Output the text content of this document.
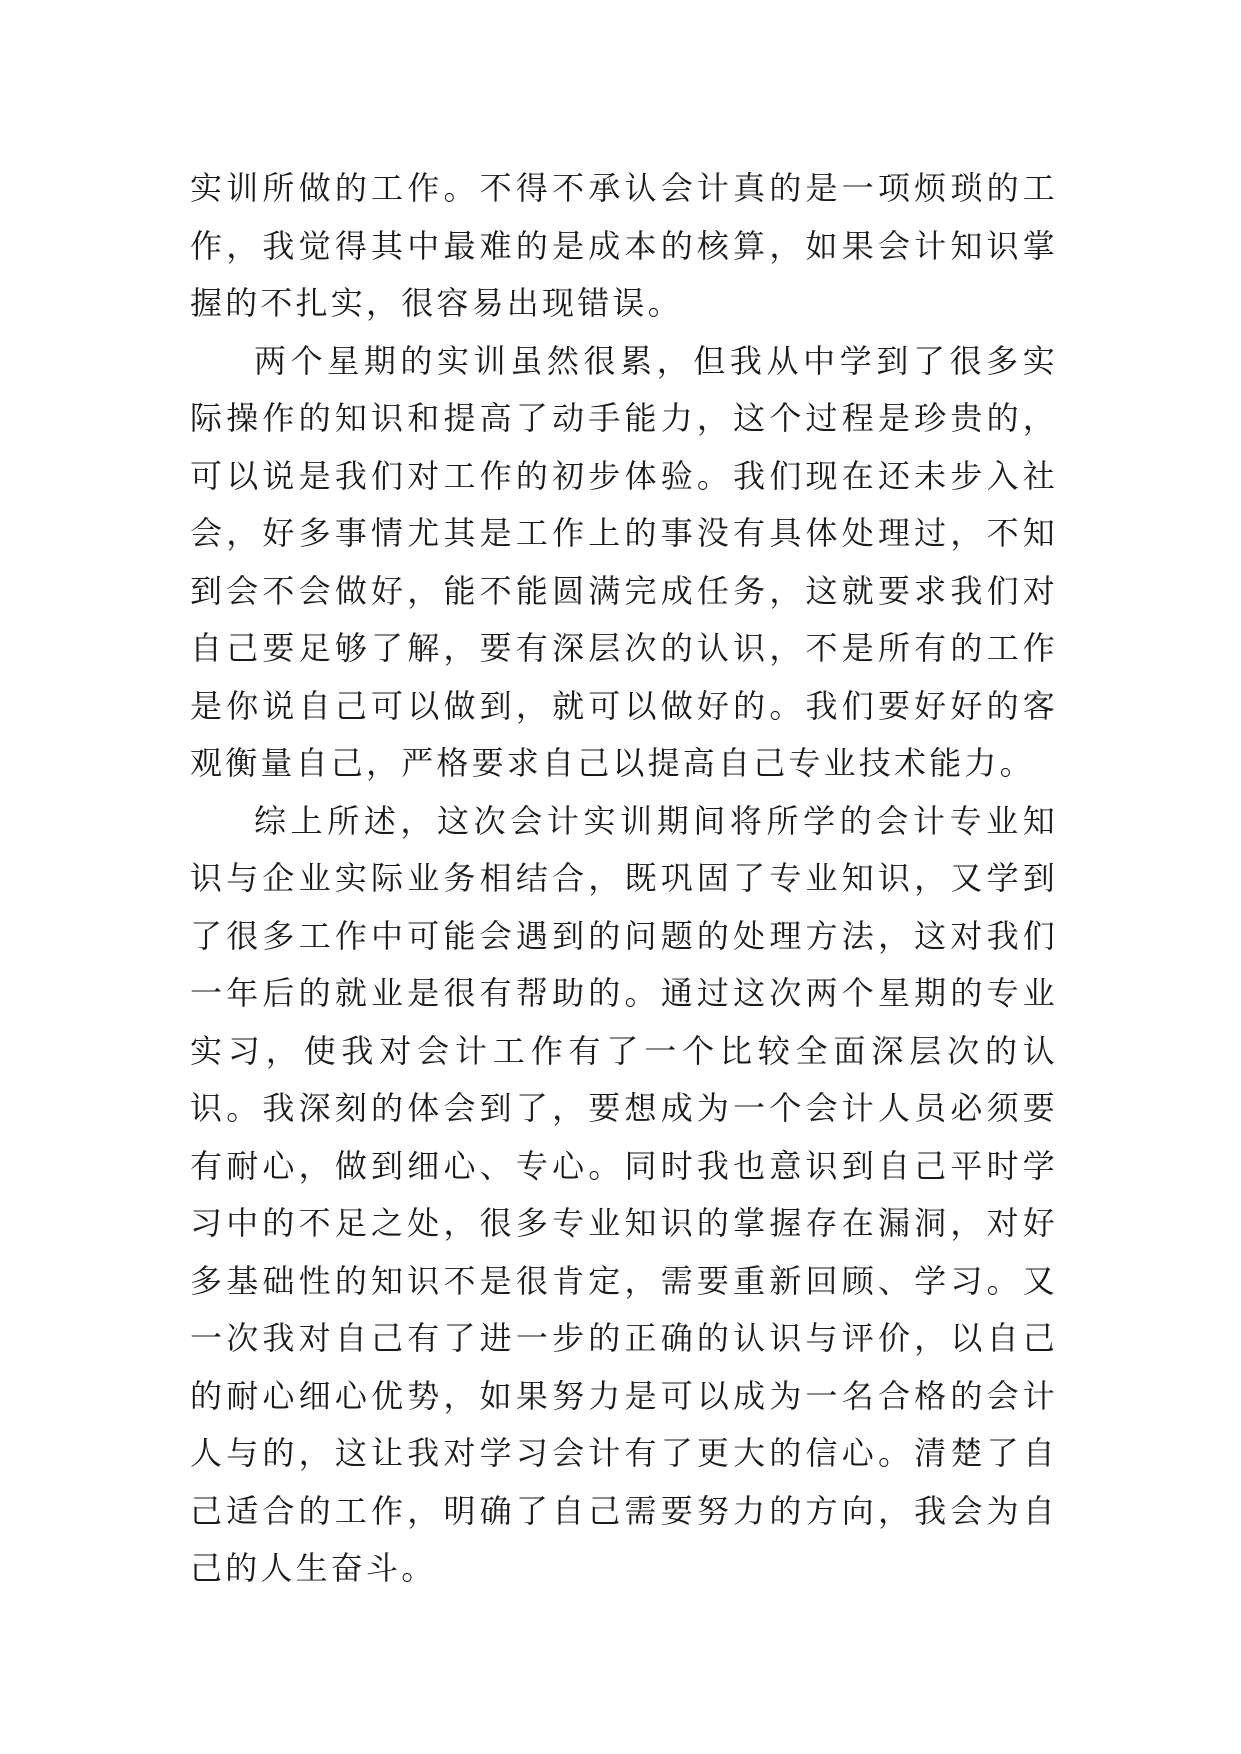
实训所做的工作。不得不承认会计真的是一项烦琐的工作，我觉得其中最难的是成本的核算，如果会计知识掌握的不扎实，很容易出现错误。

两个星期的实训虽然很累，但我从中学到了很多实际操作的知识和提高了动手能力，这个过程是珍贵的，可以说是我们对工作的初步体验。我们现在还未步入社会，好多事情尤其是工作上的事没有具体处理过，不知到会不会做好，能不能圆满完成任务，这就要求我们对自己要足够了解，要有深层次的认识，不是所有的工作是你说自己可以做到，就可以做好的。我们要好好的客观衡量自己，严格要求自己以提高自己专业技术能力。

综上所述，这次会计实训期间将所学的会计专业知识与企业实际业务相结合，既巩固了专业知识，又学到了很多工作中可能会遇到的问题的处理方法，这对我们一年后的就业是很有帮助的。通过这次两个星期的专业实习，使我对会计工作有了一个比较全面深层次的认识。我深刻的体会到了，要想成为一个会计人员必须要有耐心，做到细心、专心。同时我也意识到自己平时学习中的不足之处，很多专业知识的掌握存在漏洞，对好多基础性的知识不是很肯定，需要重新回顾、学习。又一次我对自己有了进一步的正确的认识与评价，以自己的耐心细心优势，如果努力是可以成为一名合格的会计人与的，这让我对学习会计有了更大的信心。清楚了自己适合的工作，明确了自己需要努力的方向，我会为自己的人生奋斗。
